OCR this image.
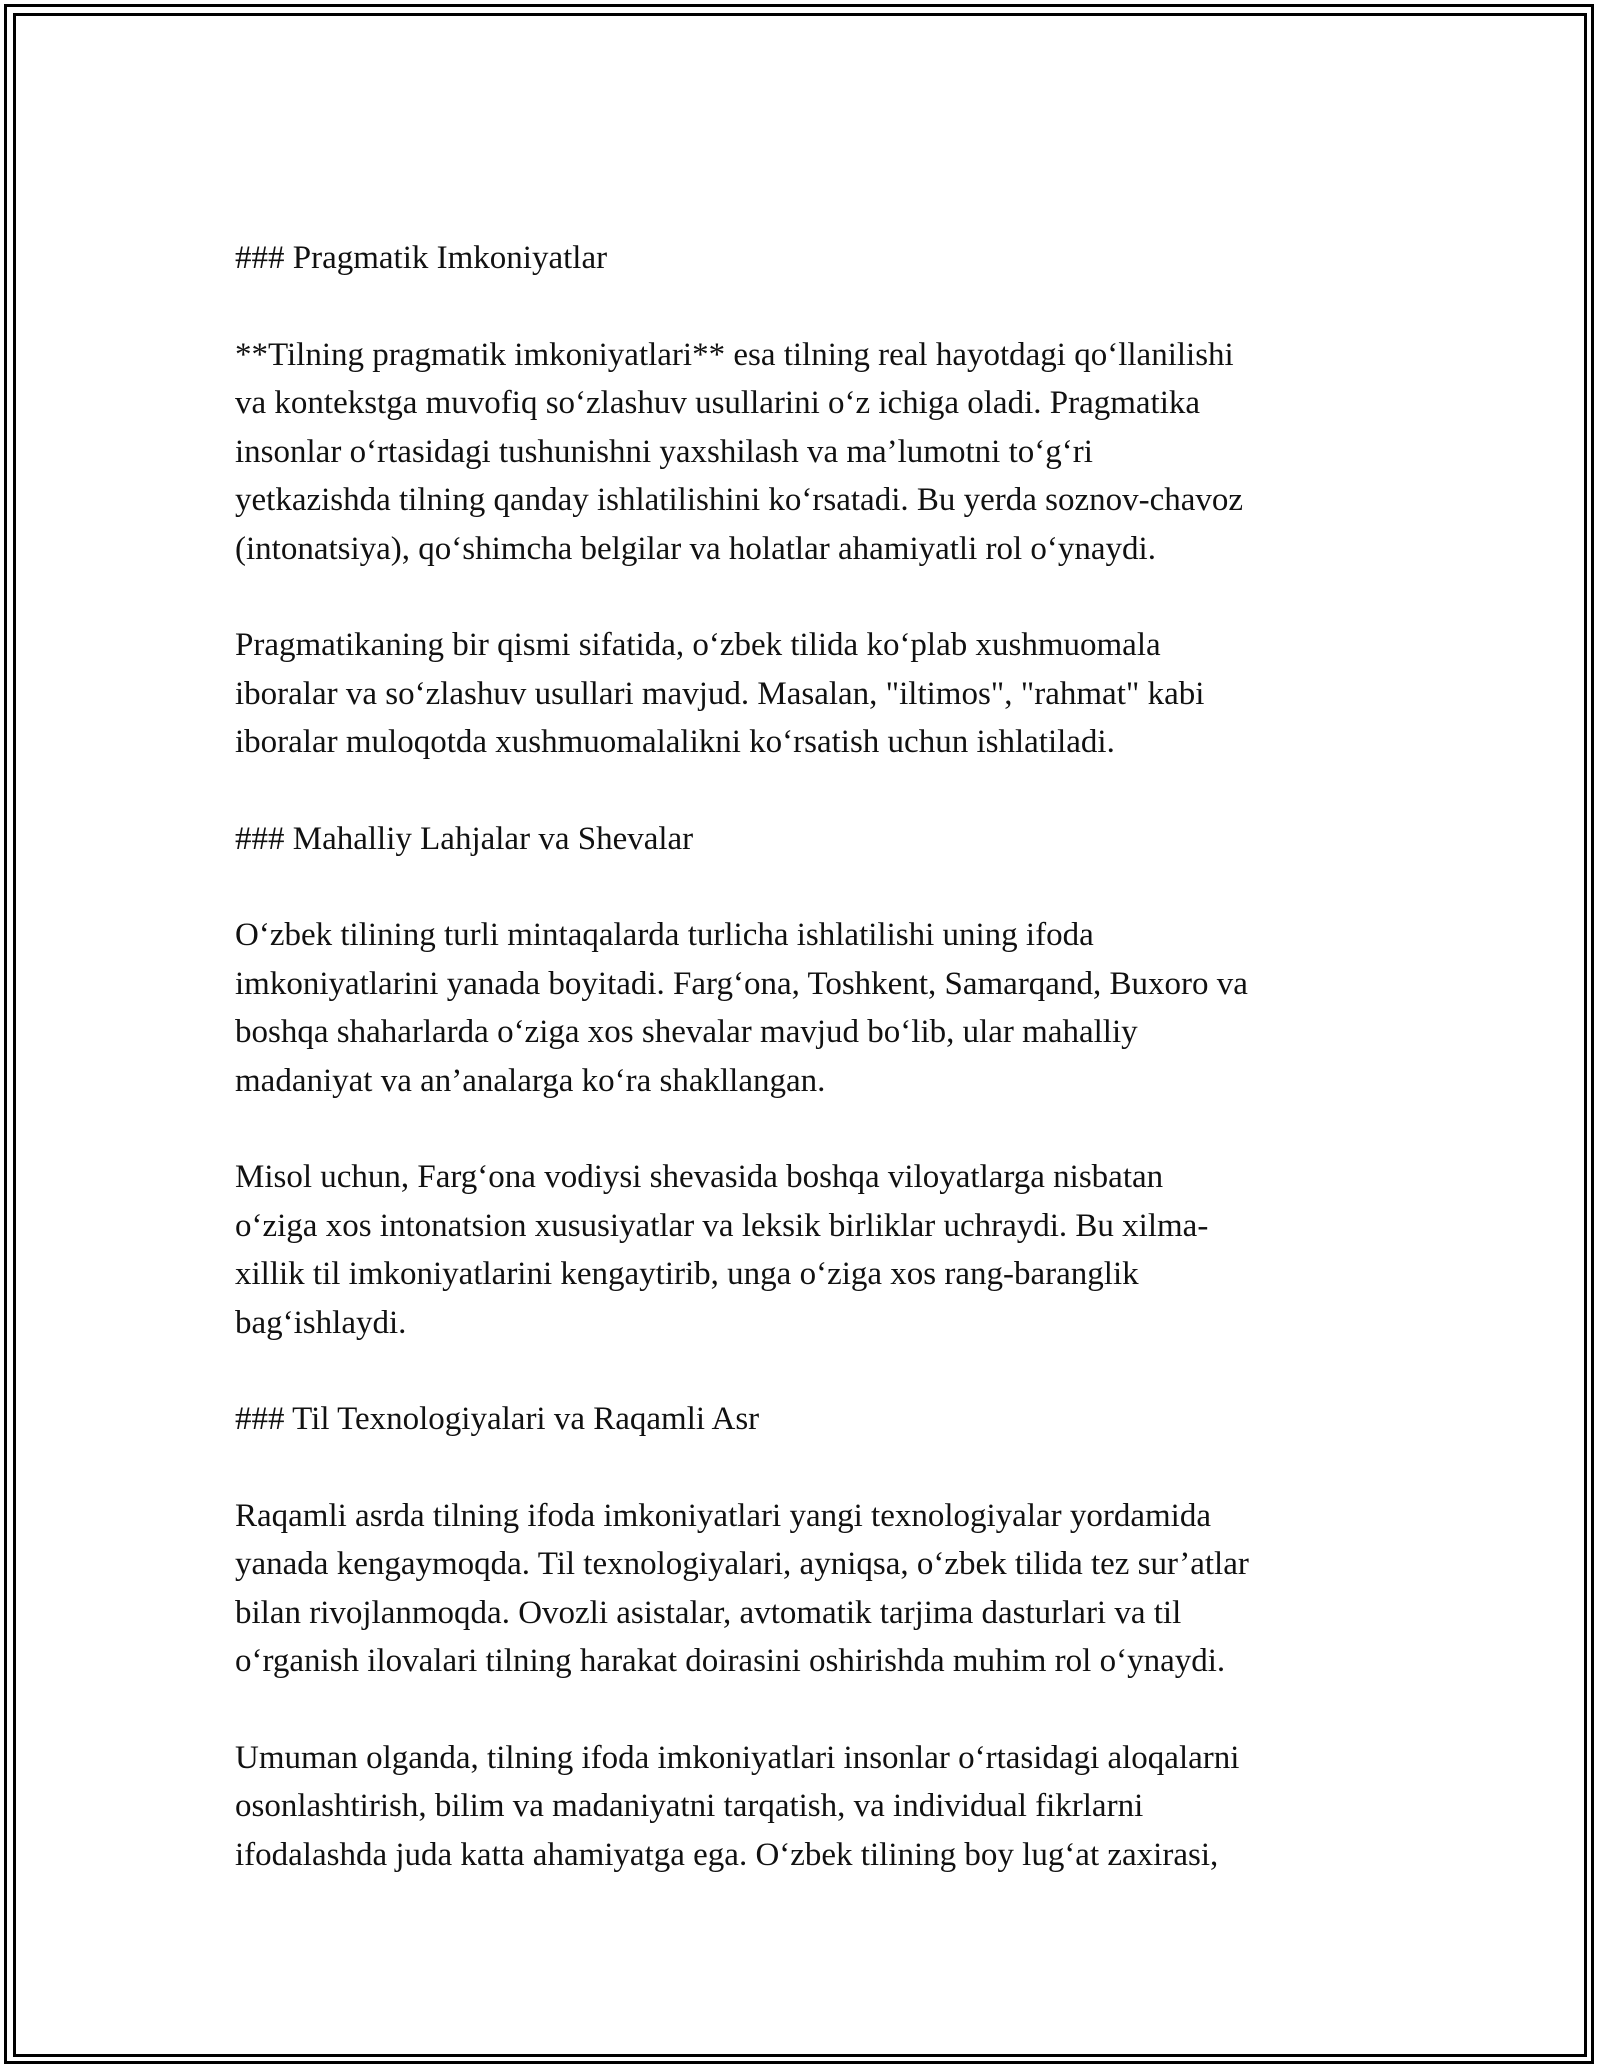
### Pragmatik Imkoniyatlar
**Tilning pragmatik imkoniyatlari** esa tilning real hayotdagi qo‘llanilishi
va kontekstga muvofiq so‘zlashuv usullarini o‘z ichiga oladi. Pragmatika
insonlar o‘rtasidagi tushunishni yaxshilash va ma’lumotni to‘g‘ri
yetkazishda tilning qanday ishlatilishini ko‘rsatadi. Bu yerda soznov-chavoz
(intonatsiya), qo‘shimcha belgilar va holatlar ahamiyatli rol o‘ynaydi.
Pragmatikaning bir qismi sifatida, o‘zbek tilida ko‘plab xushmuomala
iboralar va so‘zlashuv usullari mavjud. Masalan, "iltimos", "rahmat" kabi
iboralar muloqotda xushmuomalalikni ko‘rsatish uchun ishlatiladi.
### Mahalliy Lahjalar va Shevalar
O‘zbek tilining turli mintaqalarda turlicha ishlatilishi uning ifoda
imkoniyatlarini yanada boyitadi. Farg‘ona, Toshkent, Samarqand, Buxoro va
boshqa shaharlarda o‘ziga xos shevalar mavjud bo‘lib, ular mahalliy
madaniyat va an’analarga ko‘ra shakllangan.
Misol uchun, Farg‘ona vodiysi shevasida boshqa viloyatlarga nisbatan
o‘ziga xos intonatsion xususiyatlar va leksik birliklar uchraydi. Bu xilma-
xillik til imkoniyatlarini kengaytirib, unga o‘ziga xos rang-baranglik
bag‘ishlaydi.
### Til Texnologiyalari va Raqamli Asr
Raqamli asrda tilning ifoda imkoniyatlari yangi texnologiyalar yordamida
yanada kengaymoqda. Til texnologiyalari, ayniqsa, o‘zbek tilida tez sur’atlar
bilan rivojlanmoqda. Ovozli asistalar, avtomatik tarjima dasturlari va til
o‘rganish ilovalari tilning harakat doirasini oshirishda muhim rol o‘ynaydi.
Umuman olganda, tilning ifoda imkoniyatlari insonlar o‘rtasidagi aloqalarni
osonlashtirish, bilim va madaniyatni tarqatish, va individual fikrlarni
ifodalashda juda katta ahamiyatga ega. O‘zbek tilining boy lug‘at zaxirasi,
